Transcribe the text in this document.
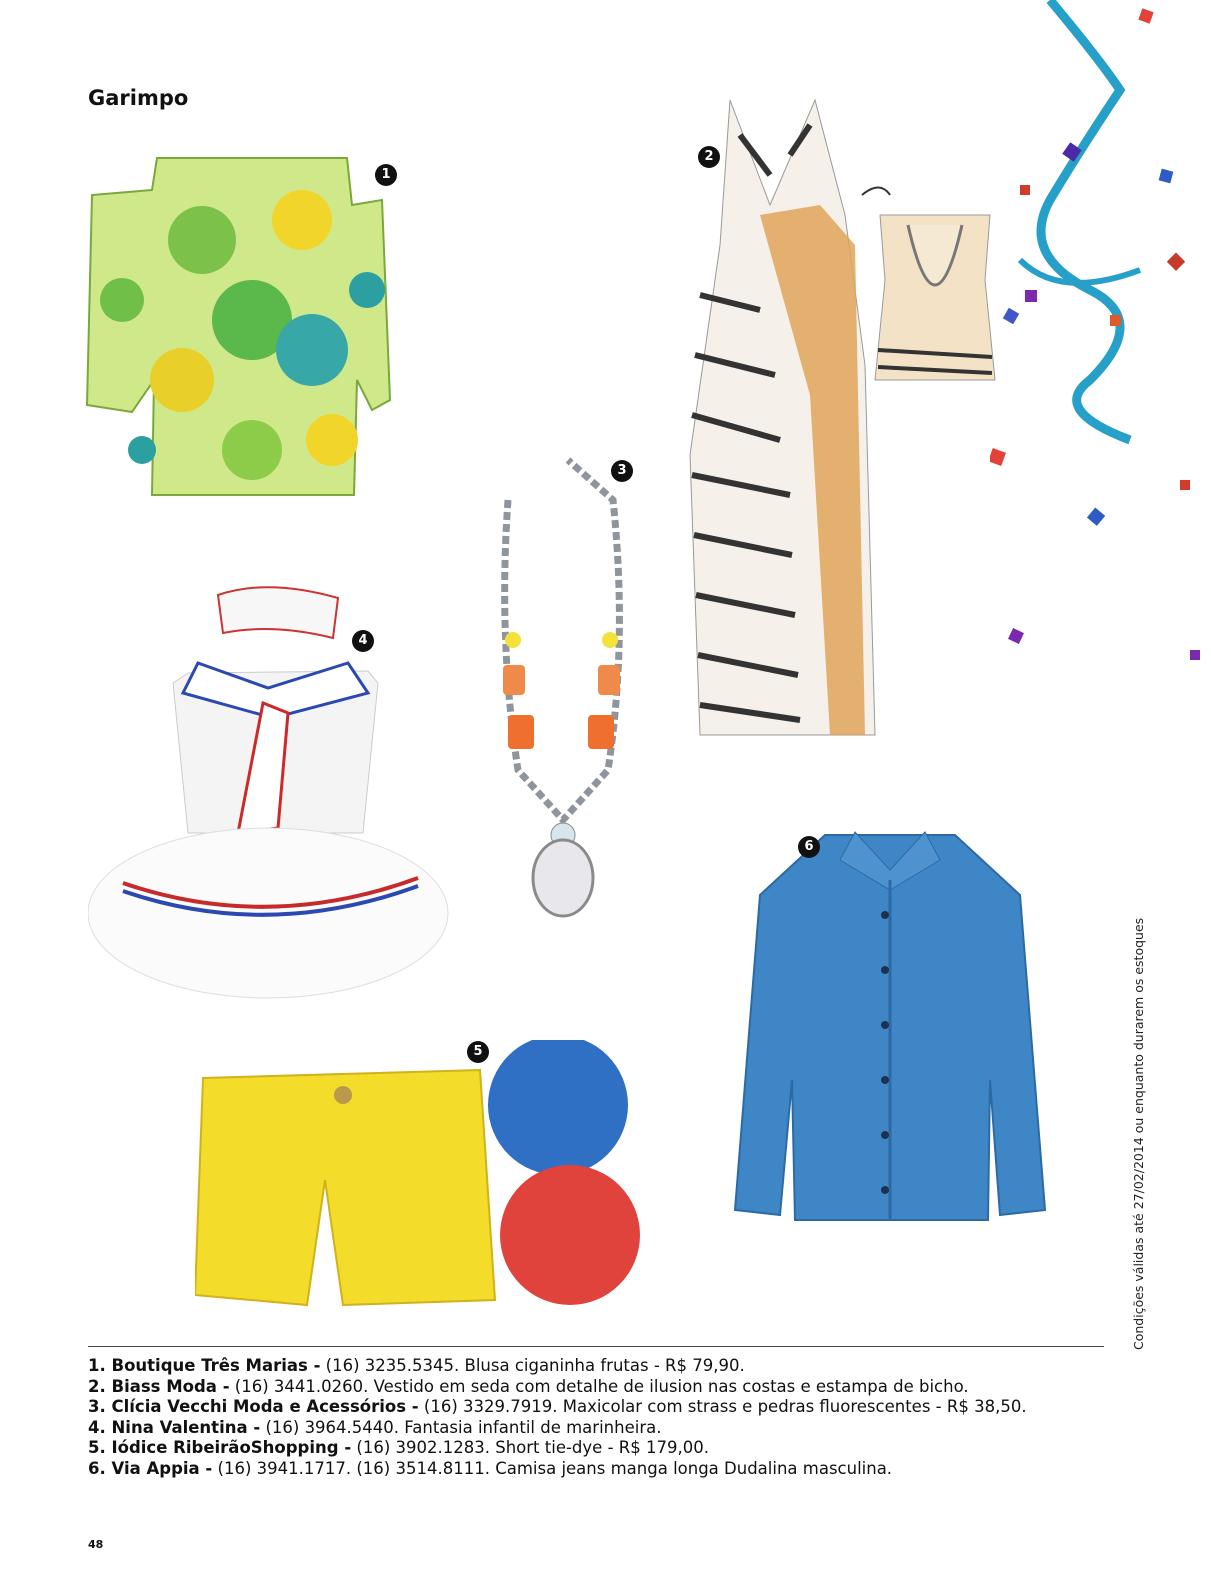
Garimpo
1
2
3
4
5
6
1. Boutique Três Marias - (16) 3235.5345. Blusa ciganinha frutas - R$ 79,90.
2. Biass Moda - (16) 3441.0260. Vestido em seda com detalhe de ilusion nas costas e estampa de bicho.
3. Clícia Vecchi Moda e Acessórios - (16) 3329.7919. Maxicolar com strass e pedras fluorescentes - R$ 38,50.
4. Nina Valentina - (16) 3964.5440. Fantasia infantil de marinheira.
5. Iódice RibeirãoShopping - (16) 3902.1283. Short tie-dye - R$ 179,00.
6. Via Appia - (16) 3941.1717. (16) 3514.8111. Camisa jeans manga longa Dudalina masculina.
48
Condições válidas até 27/02/2014 ou enquanto durarem os estoques
